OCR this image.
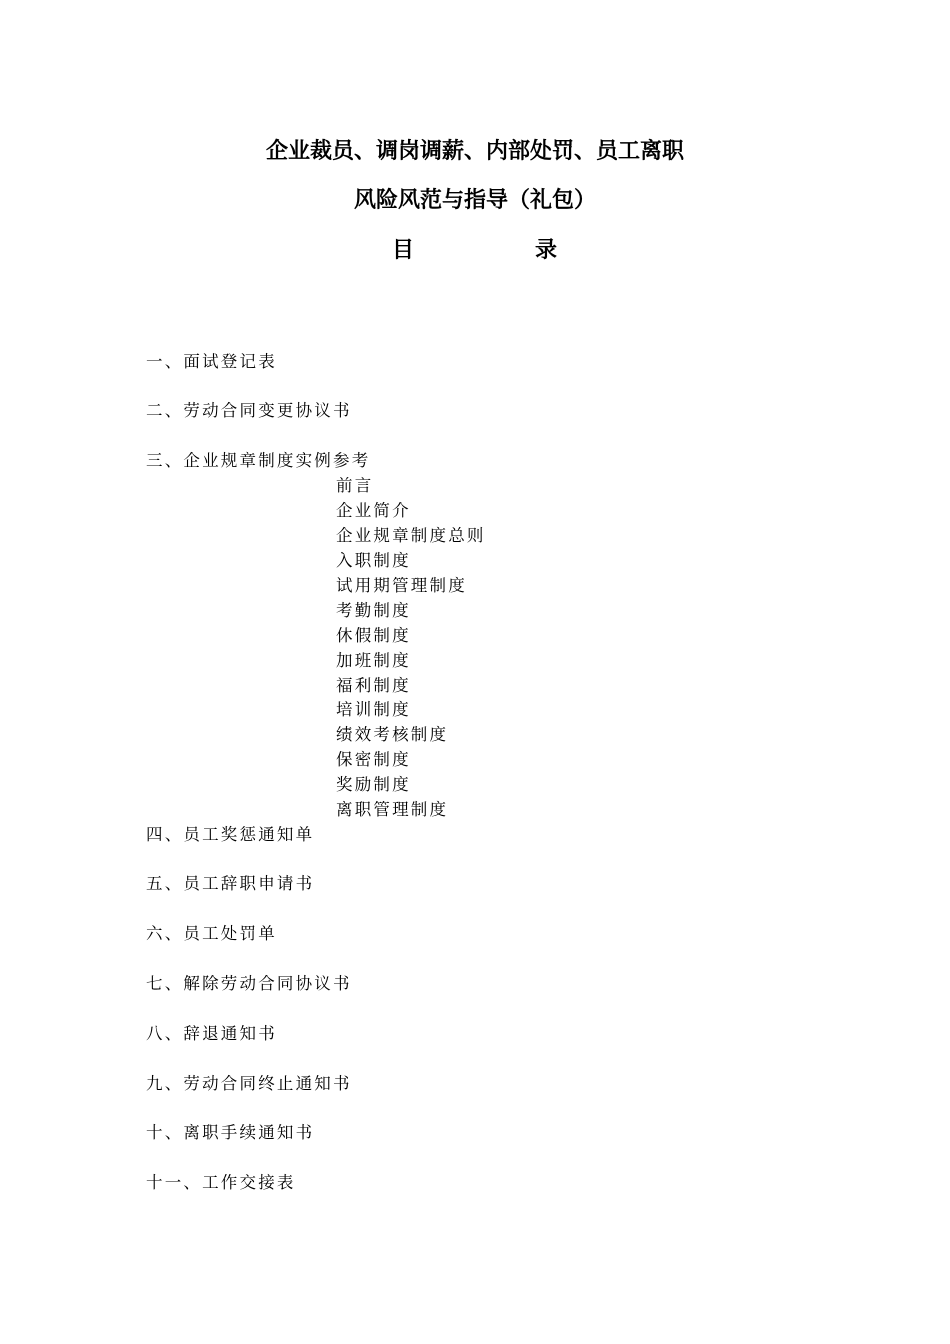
企业裁员、调岗调薪、内部处罚、员工离职
风险风范与指导（礼包）
目	录
一、面试登记表
二、劳动合同变更协议书
三、企业规章制度实例参考
前言
企业简介
企业规章制度总则
入职制度
试用期管理制度
考勤制度
休假制度
加班制度
福利制度
培训制度
绩效考核制度
保密制度
奖励制度
离职管理制度
四、员工奖惩通知单
五、员工辞职申请书
六、员工处罚单
七、解除劳动合同协议书
八、辞退通知书
九、劳动合同终止通知书
十、离职手续通知书
十一、工作交接表
